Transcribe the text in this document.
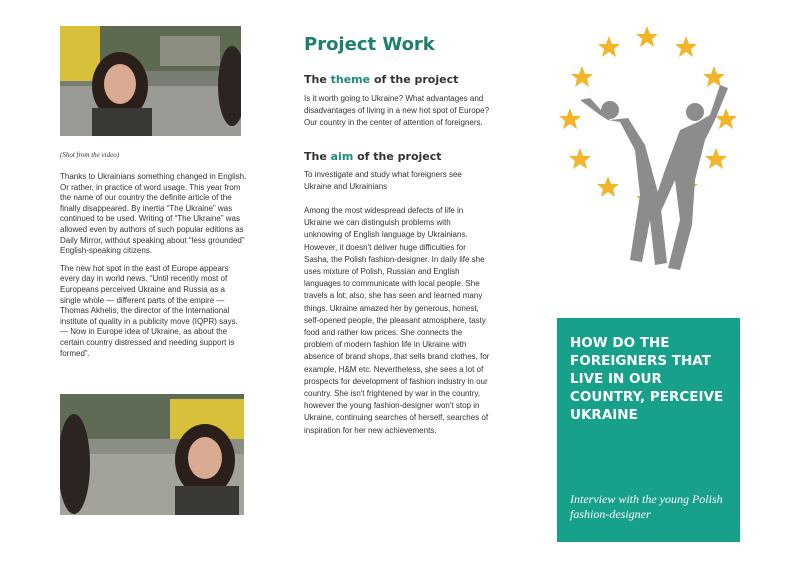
(Shot from the video)

Thanks to Ukrainians something changed in English. Or rather, in practice of word usage. This year from the name of our country the definite article of the finally disappeared. By inertia “The Ukraine” was continued to be used. Writing of “The Ukraine” was allowed even by authors of such popular editions as Daily Mirror, without speaking about “less grounded” English-speaking citizens.

The new hot spot in the east of Europe appears every day in world news. “Until recently most of Europeans perceived Ukraine and Russia as a single whole — different parts of the empire — Thomas Akhelis, the director of the International institute of quality in a publicity move (IQPR) says. — Now in Europe idea of Ukraine, as about the certain country distressed and needing support is formed”.

Project Work
The theme of the project
Is it worth going to Ukraine? What advantages and disadvantages of living in a new hot spot of Europe? Our country in the center of attention of foreigners.
The aim of the project
To investigate and study what foreigners see Ukraine and Ukrainians
Among the most widespread defects of life in Ukraine we can distinguish problems with unknowing of English language by Ukrainians. However, it doesn't deliver huge difficulties for Sasha, the Polish fashion-designer. In daily life she uses mixture of Polish, Russian and English languages to communicate with local people. She travels a lot; also, she has seen and learned many things. Ukraine amazed her by generous, honest, self-opened people, the pleasant atmosphere, tasty food and rather low prices. She connects the problem of modern fashion life in Ukraine with absence of brand shops, that sells brand clothes, for example, H&M etc. Nevertheless, she sees a lot of prospects for development of fashion industry in our country. She isn't frightened by war in the country, however the young fashion-designer won't stop in Ukraine, continuing searches of herself, searches of inspiration for her new achievements.
HOW DO THE FOREIGNERS THAT LIVE IN OUR COUNTRY, PERCEIVE UKRAINE
Interview with the young Polish fashion-designer
